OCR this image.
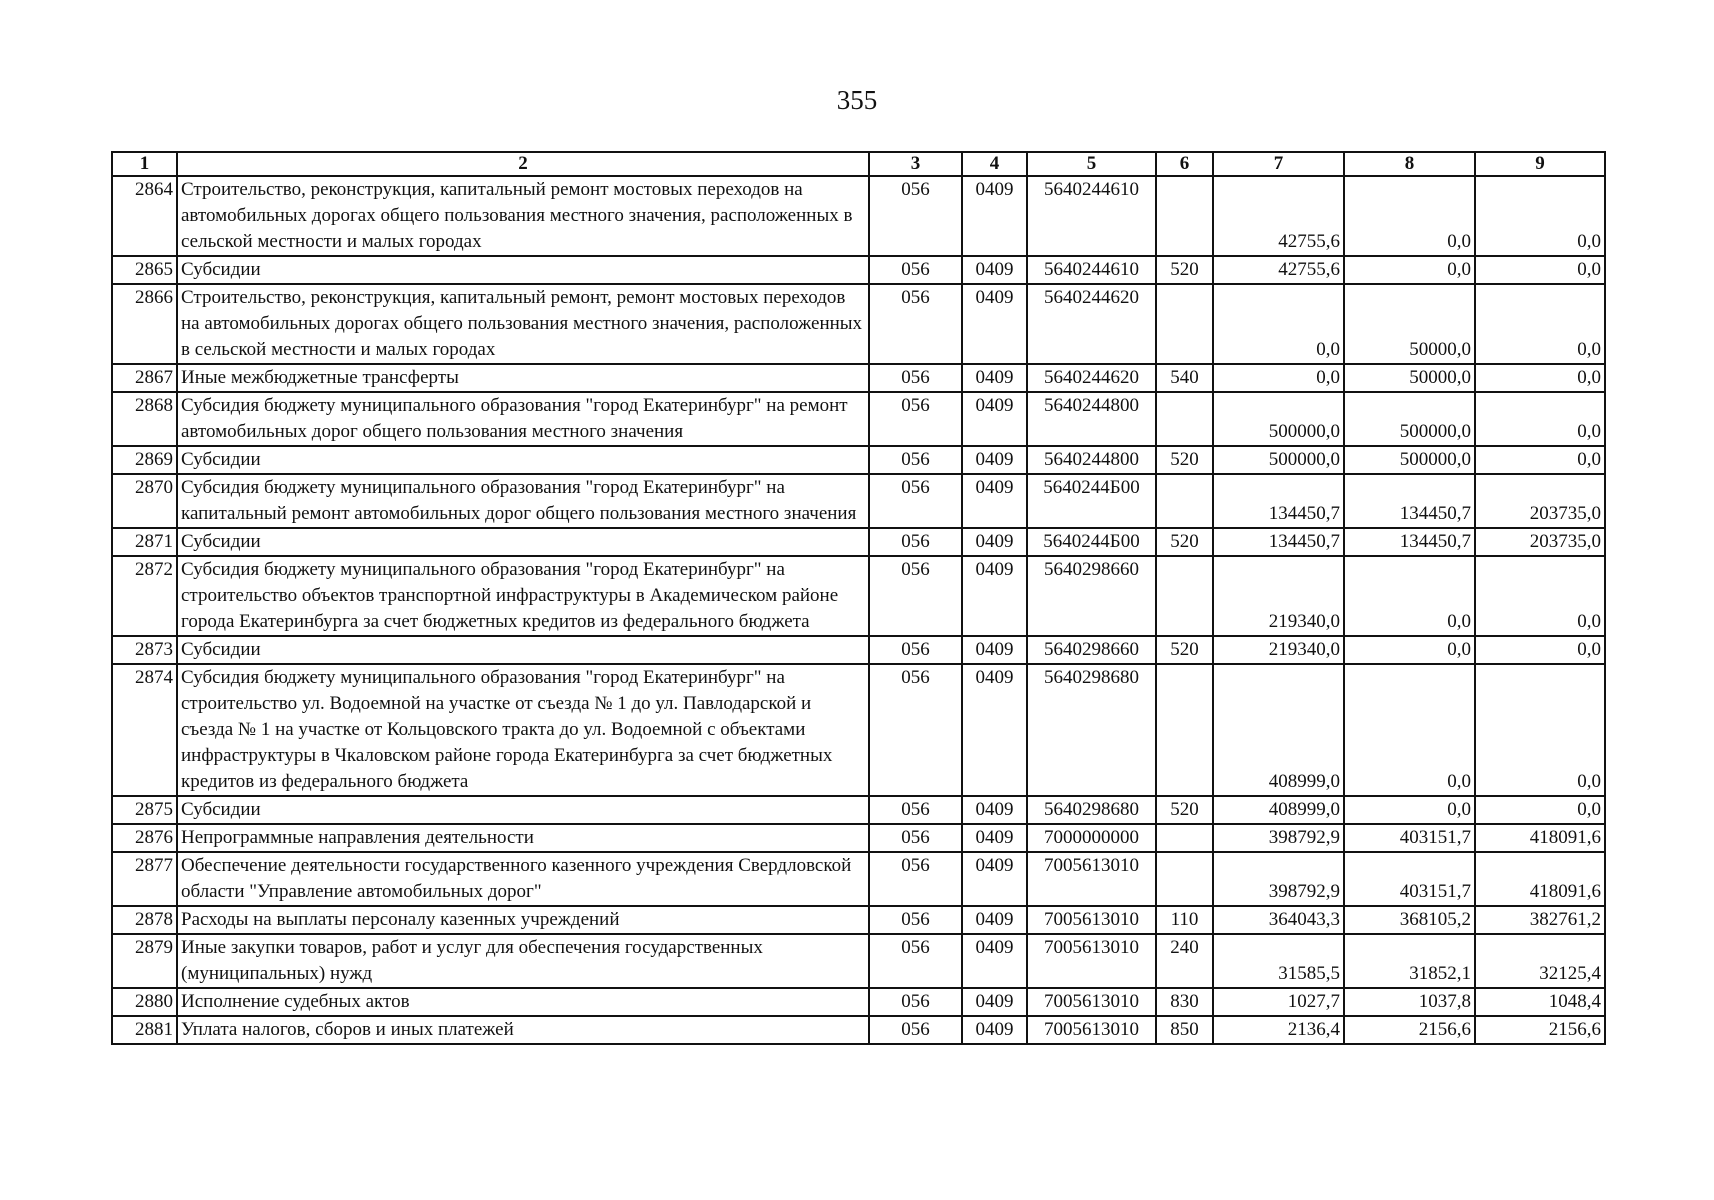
355
1	2	3	4	5	6	7	8	9
2864	Строительство, реконструкция, капитальный ремонт мостовых переходов на автомобильных дорогах общего пользования местного значения, расположенных в сельской местности и малых городах	056	0409	5640244610		42755,6	0,0	0,0
2865	Субсидии	056	0409	5640244610	520	42755,6	0,0	0,0
2866	Строительство, реконструкция, капитальный ремонт, ремонт мостовых переходов на автомобильных дорогах общего пользования местного значения, расположенных в сельской местности и малых городах	056	0409	5640244620		0,0	50000,0	0,0
2867	Иные межбюджетные трансферты	056	0409	5640244620	540	0,0	50000,0	0,0
2868	Субсидия бюджету муниципального образования "город Екатеринбург" на ремонт автомобильных дорог общего пользования местного значения	056	0409	5640244800		500000,0	500000,0	0,0
2869	Субсидии	056	0409	5640244800	520	500000,0	500000,0	0,0
2870	Субсидия бюджету муниципального образования "город Екатеринбург" на капитальный ремонт автомобильных дорог общего пользования местного значения	056	0409	5640244Б00		134450,7	134450,7	203735,0
2871	Субсидии	056	0409	5640244Б00	520	134450,7	134450,7	203735,0
2872	Субсидия бюджету муниципального образования "город Екатеринбург" на строительство объектов транспортной инфраструктуры в Академическом районе города Екатеринбурга за счет бюджетных кредитов из федерального бюджета	056	0409	5640298660		219340,0	0,0	0,0
2873	Субсидии	056	0409	5640298660	520	219340,0	0,0	0,0
2874	Субсидия бюджету муниципального образования "город Екатеринбург" на строительство ул. Водоемной на участке от съезда № 1 до ул. Павлодарской и съезда № 1 на участке от Кольцовского тракта до ул. Водоемной с объектами инфраструктуры в Чкаловском районе города Екатеринбурга за счет бюджетных кредитов из федерального бюджета	056	0409	5640298680		408999,0	0,0	0,0
2875	Субсидии	056	0409	5640298680	520	408999,0	0,0	0,0
2876	Непрограммные направления деятельности	056	0409	7000000000		398792,9	403151,7	418091,6
2877	Обеспечение деятельности государственного казенного учреждения Свердловской области "Управление автомобильных дорог"	056	0409	7005613010		398792,9	403151,7	418091,6
2878	Расходы на выплаты персоналу казенных учреждений	056	0409	7005613010	110	364043,3	368105,2	382761,2
2879	Иные закупки товаров, работ и услуг для обеспечения государственных (муниципальных) нужд	056	0409	7005613010	240	31585,5	31852,1	32125,4
2880	Исполнение судебных актов	056	0409	7005613010	830	1027,7	1037,8	1048,4
2881	Уплата налогов, сборов и иных платежей	056	0409	7005613010	850	2136,4	2156,6	2156,6
